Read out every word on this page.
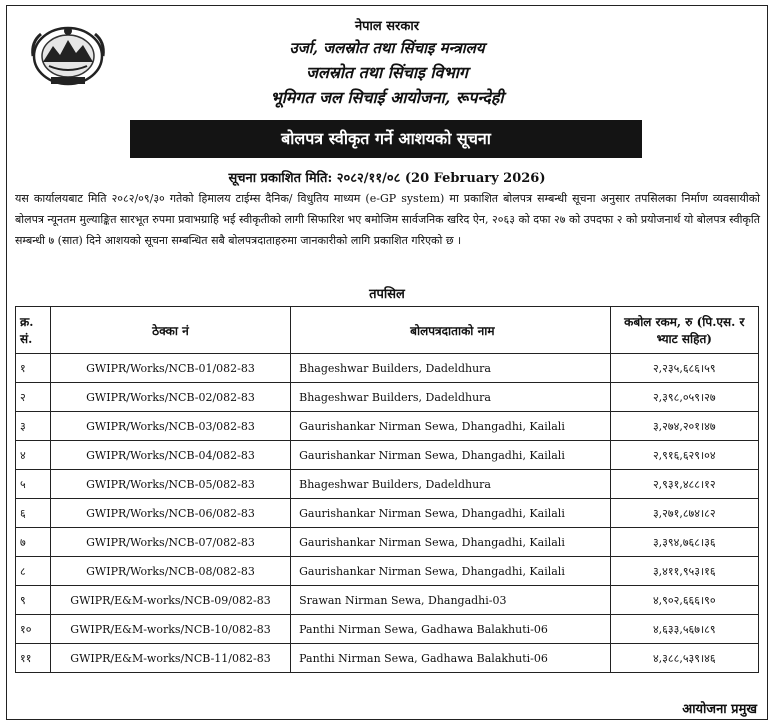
नेपाल सरकार
उर्जा, जलस्रोत तथा सिंचाइ मन्त्रालय
जलस्रोत तथा सिंचाइ विभाग
भूमिगत जल सिचाई आयोजना, रूपन्देही
बोलपत्र स्वीकृत गर्ने आशयको सूचना
सूचना प्रकाशित मिति: २०८२/११/०८ (20 February 2026)

यस कार्यालयबाट मिति २०८२/०९/३० गतेको हिमालय टाईम्स दैनिक/ विधुतिय माध्यम (e-GP system) मा प्रकाशित बोलपत्र सम्बन्धी सूचना अनुसार तपसिलका निर्माण व्यवसायीको बोलपत्र न्यूनतम मुल्याङ्कित सारभूत रुपमा प्रवाभग्राहि भई स्वीकृतीको लागी सिफारिश भए बमोजिम सार्वजनिक खरिद ऐन, २०६३ को दफा २७ को उपदफा २ को प्रयोजनार्थ यो बोलपत्र स्वीकृति सम्बन्धी ७ (सात) दिने आशयको सूचना सम्बन्धित सबै बोलपत्रदाताहरुमा जानकारीको लागि प्रकाशित गरिएको छ ।

तपसिल
क्र. सं.	ठेक्का नं	बोलपत्रदाताको नाम	कबोल रकम, रु (पि.एस. र भ्याट सहित)
१	GWIPR/Works/NCB-01/082-83	Bhageshwar Builders, Dadeldhura	२,२३५,६८६।५९
२	GWIPR/Works/NCB-02/082-83	Bhageshwar Builders, Dadeldhura	२,३९८,०५९।२७
३	GWIPR/Works/NCB-03/082-83	Gaurishankar Nirman Sewa, Dhangadhi, Kailali	३,२७४,२०१।४७
४	GWIPR/Works/NCB-04/082-83	Gaurishankar Nirman Sewa, Dhangadhi, Kailali	२,९१६,६२९।०४
५	GWIPR/Works/NCB-05/082-83	Bhageshwar Builders, Dadeldhura	२,९३१,४८८।१२
६	GWIPR/Works/NCB-06/082-83	Gaurishankar Nirman Sewa, Dhangadhi, Kailali	३,२७१,८७४।८२
७	GWIPR/Works/NCB-07/082-83	Gaurishankar Nirman Sewa, Dhangadhi, Kailali	३,३९४,७६८।३६
८	GWIPR/Works/NCB-08/082-83	Gaurishankar Nirman Sewa, Dhangadhi, Kailali	३,४११,९५३।१६
९	GWIPR/E&M-works/NCB-09/082-83	Srawan Nirman Sewa, Dhangadhi-03	४,९०२,६६६।९०
१०	GWIPR/E&M-works/NCB-10/082-83	Panthi Nirman Sewa, Gadhawa Balakhuti-06	४,६३३,५६७।८९
११	GWIPR/E&M-works/NCB-11/082-83	Panthi Nirman Sewa, Gadhawa Balakhuti-06	४,३८८,५३९।४६
आयोजना प्रमुख
